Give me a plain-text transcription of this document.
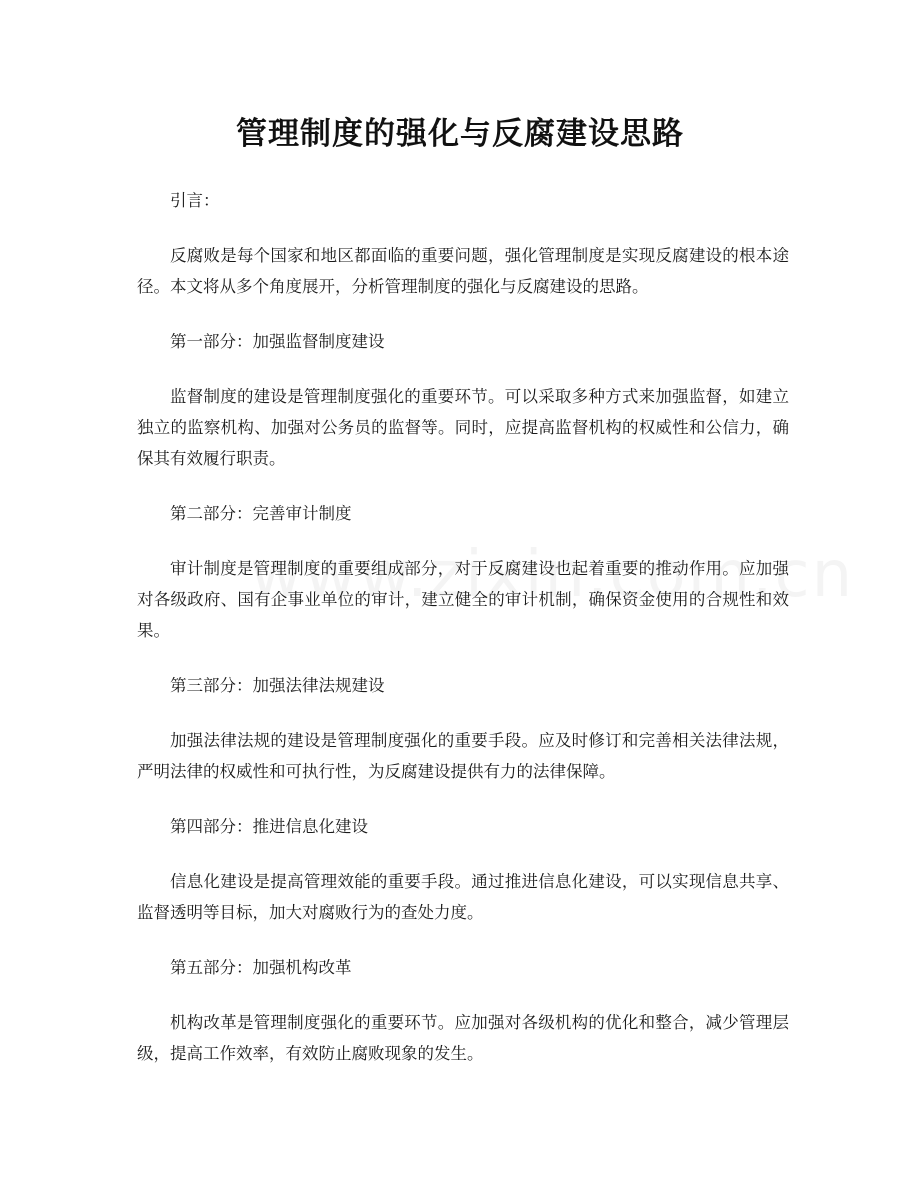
管理制度的强化与反腐建设思路

引言：

反腐败是每个国家和地区都面临的重要问题，强化管理制度是实现反腐建设的根本途径。本文将从多个角度展开，分析管理制度的强化与反腐建设的思路。

第一部分：加强监督制度建设

监督制度的建设是管理制度强化的重要环节。可以采取多种方式来加强监督，如建立独立的监察机构、加强对公务员的监督等。同时，应提高监督机构的权威性和公信力，确保其有效履行职责。

第二部分：完善审计制度

审计制度是管理制度的重要组成部分，对于反腐建设也起着重要的推动作用。应加强对各级政府、国有企事业单位的审计，建立健全的审计机制，确保资金使用的合规性和效果。

第三部分：加强法律法规建设

加强法律法规的建设是管理制度强化的重要手段。应及时修订和完善相关法律法规，严明法律的权威性和可执行性，为反腐建设提供有力的法律保障。

第四部分：推进信息化建设

信息化建设是提高管理效能的重要手段。通过推进信息化建设，可以实现信息共享、监督透明等目标，加大对腐败行为的查处力度。

第五部分：加强机构改革

机构改革是管理制度强化的重要环节。应加强对各级机构的优化和整合，减少管理层级，提高工作效率，有效防止腐败现象的发生。
